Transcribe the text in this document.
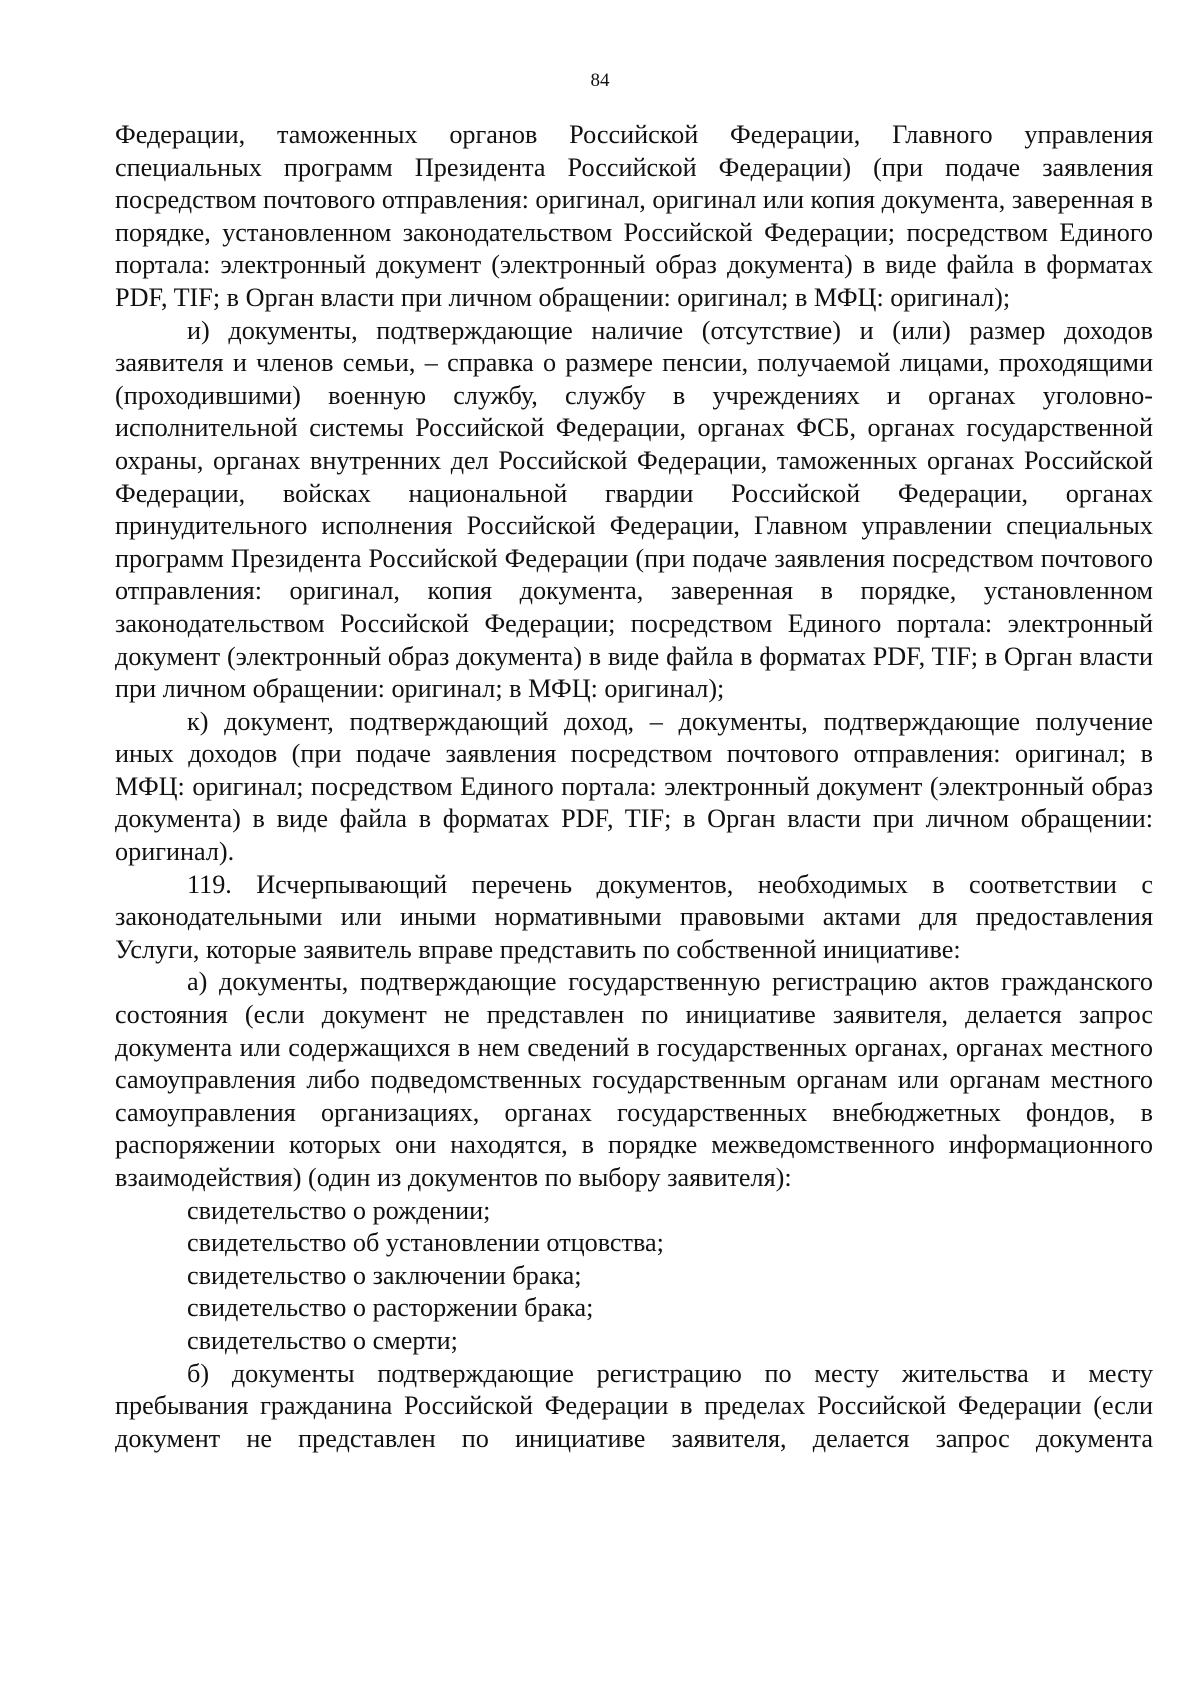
84

Федерации, таможенных органов Российской Федерации, Главного управления специальных программ Президента Российской Федерации) (при подаче заявления посредством почтового отправления: оригинал, оригинал или копия документа, заверенная в порядке, установленном законодательством Российской Федерации; посредством Единого портала: электронный документ (электронный образ документа) в виде файла в форматах PDF, TIF; в Орган власти при личном обращении: оригинал; в МФЦ: оригинал);

и) документы, подтверждающие наличие (отсутствие) и (или) размер доходов заявителя и членов семьи, – справка о размере пенсии, получаемой лицами, проходящими (проходившими) военную службу, службу в учреждениях и органах уголовно-исполнительной системы Российской Федерации, органах ФСБ, органах государственной охраны, органах внутренних дел Российской Федерации, таможенных органах Российской Федерации, войсках национальной гвардии Российской Федерации, органах принудительного исполнения Российской Федерации, Главном управлении специальных программ Президента Российской Федерации (при подаче заявления посредством почтового отправления: оригинал, копия документа, заверенная в порядке, установленном законодательством Российской Федерации; посредством Единого портала: электронный документ (электронный образ документа) в виде файла в форматах PDF, TIF; в Орган власти при личном обращении: оригинал; в МФЦ: оригинал);

к) документ, подтверждающий доход, – документы, подтверждающие получение иных доходов (при подаче заявления посредством почтового отправления: оригинал; в МФЦ: оригинал; посредством Единого портала: электронный документ (электронный образ документа) в виде файла в форматах PDF, TIF; в Орган власти при личном обращении: оригинал).

119. Исчерпывающий перечень документов, необходимых в соответствии с законодательными или иными нормативными правовыми актами для предоставления Услуги, которые заявитель вправе представить по собственной инициативе:

а) документы, подтверждающие государственную регистрацию актов гражданского состояния (если документ не представлен по инициативе заявителя, делается запрос документа или содержащихся в нем сведений в государственных органах, органах местного самоуправления либо подведомственных государственным органам или органам местного самоуправления организациях, органах государственных внебюджетных фондов, в распоряжении которых они находятся, в порядке межведомственного информационного взаимодействия) (один из документов по выбору заявителя):

свидетельство о рождении;

свидетельство об установлении отцовства;

свидетельство о заключении брака;

свидетельство о расторжении брака;

свидетельство о смерти;

б) документы подтверждающие регистрацию по месту жительства и месту пребывания гражданина Российской Федерации в пределах Российской Федерации (если документ не представлен по инициативе заявителя, делается запрос документа
